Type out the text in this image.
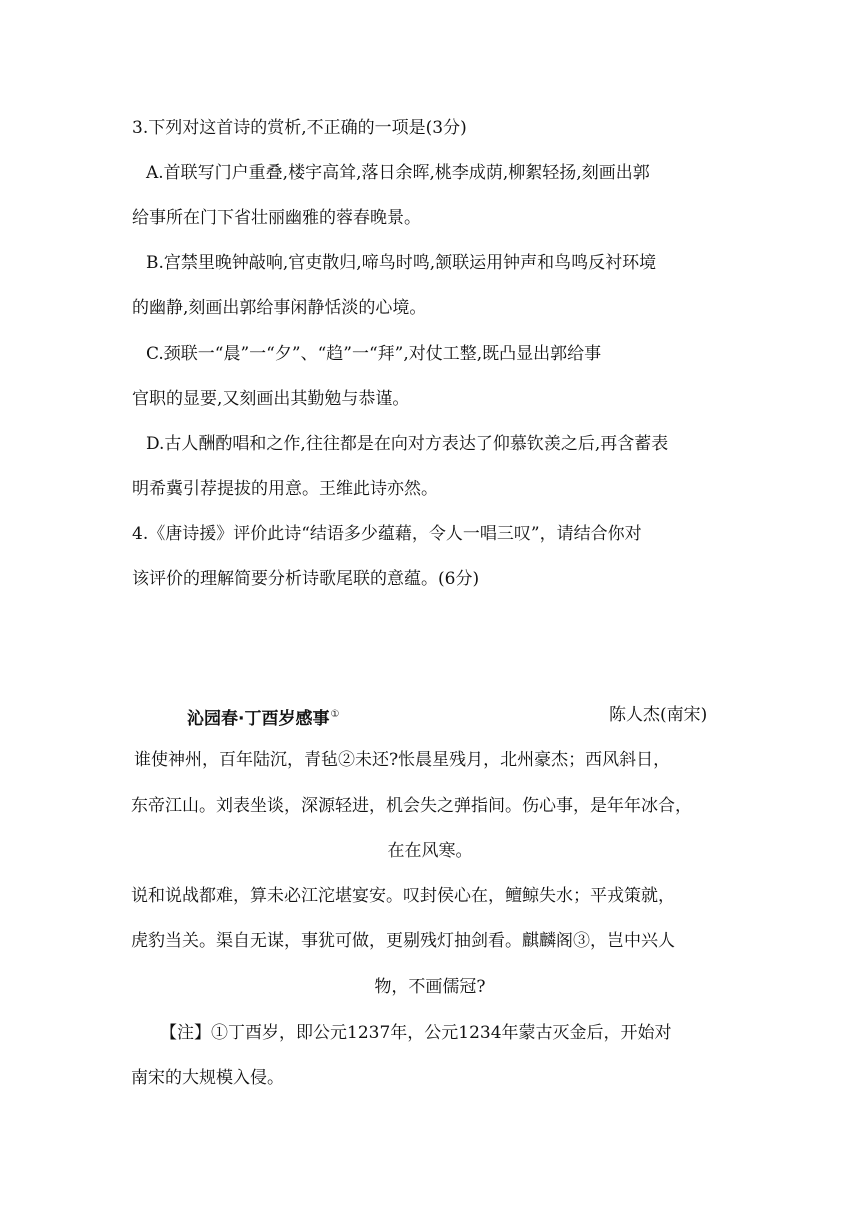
3.下列对这首诗的赏析,不正确的一项是(3分)
A.首联写门户重叠,楼宇高耸,落日余晖,桃李成荫,柳絮轻扬,刻画出郭
给事所在门下省壮丽幽雅的蓉春晚景。
B.宫禁里晚钟敲响,官吏散归,啼鸟时鸣,颔联运用钟声和鸟鸣反衬环境
的幽静,刻画出郭给事闲静恬淡的心境。
C.颈联一“晨”一“夕”、“趋”一“拜”,对仗工整,既凸显出郭给事
官职的显要,又刻画出其勤勉与恭谨。
D.古人酬酌唱和之作,往往都是在向对方表达了仰慕钦羡之后,再含蓄表
明希冀引荐提拔的用意。王维此诗亦然。
4.《唐诗援》评价此诗“结语多少蕴藉，令人一唱三叹”，请结合你对
该评价的理解简要分析诗歌尾联的意蕴。(6分)
沁园春·丁酉岁感事①	陈人杰(南宋)
谁使神州，百年陆沉，青毡②未还?怅晨星残月，北州豪杰；西风斜日，
东帝江山。刘表坐谈，深源轻进，机会失之弹指间。伤心事，是年年冰合，
在在风寒。
说和说战都难，算未必江沱堪宴安。叹封侯心在，鳣鲸失水；平戎策就，
虎豹当关。渠自无谋，事犹可做，更剔残灯抽剑看。麒麟阁③，岂中兴人
物，不画儒冠?
【注】①丁酉岁，即公元1237年，公元1234年蒙古灭金后，开始对
南宋的大规模入侵。
